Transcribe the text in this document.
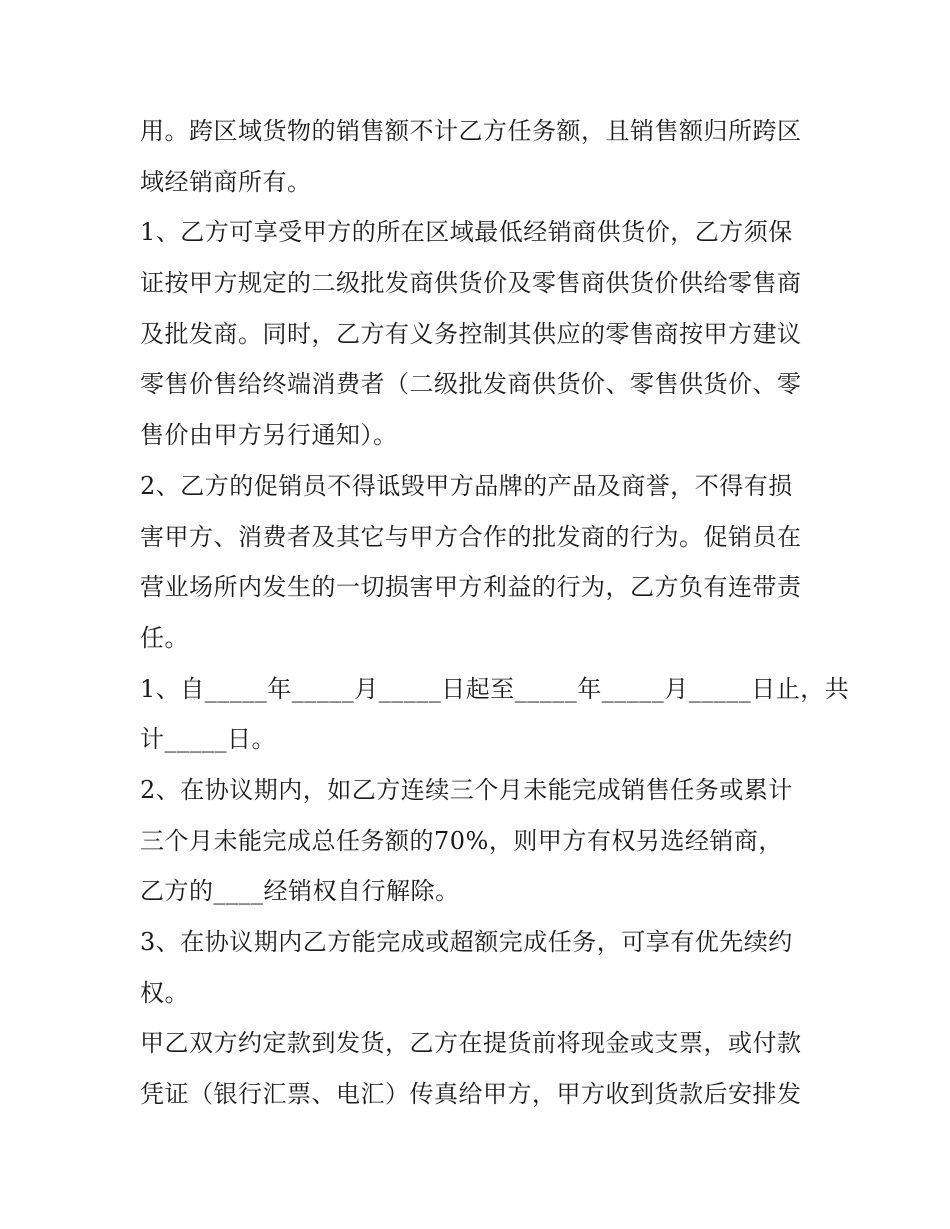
用。跨区域货物的销售额不计乙方任务额，且销售额归所跨区
域经销商所有。
1、乙方可享受甲方的所在区域最低经销商供货价，乙方须保
证按甲方规定的二级批发商供货价及零售商供货价供给零售商
及批发商。同时，乙方有义务控制其供应的零售商按甲方建议
零售价售给终端消费者（二级批发商供货价、零售供货价、零
售价由甲方另行通知）。
2、乙方的促销员不得诋毁甲方品牌的产品及商誉，不得有损
害甲方、消费者及其它与甲方合作的批发商的行为。促销员在
营业场所内发生的一切损害甲方利益的行为，乙方负有连带责
任。
1、自_____年_____月_____日起至_____年_____月_____日止，共
计_____日。
2、在协议期内，如乙方连续三个月未能完成销售任务或累计
三个月未能完成总任务额的70%，则甲方有权另选经销商，
乙方的____经销权自行解除。
3、在协议期内乙方能完成或超额完成任务，可享有优先续约
权。
甲乙双方约定款到发货，乙方在提货前将现金或支票，或付款
凭证（银行汇票、电汇）传真给甲方，甲方收到货款后安排发
